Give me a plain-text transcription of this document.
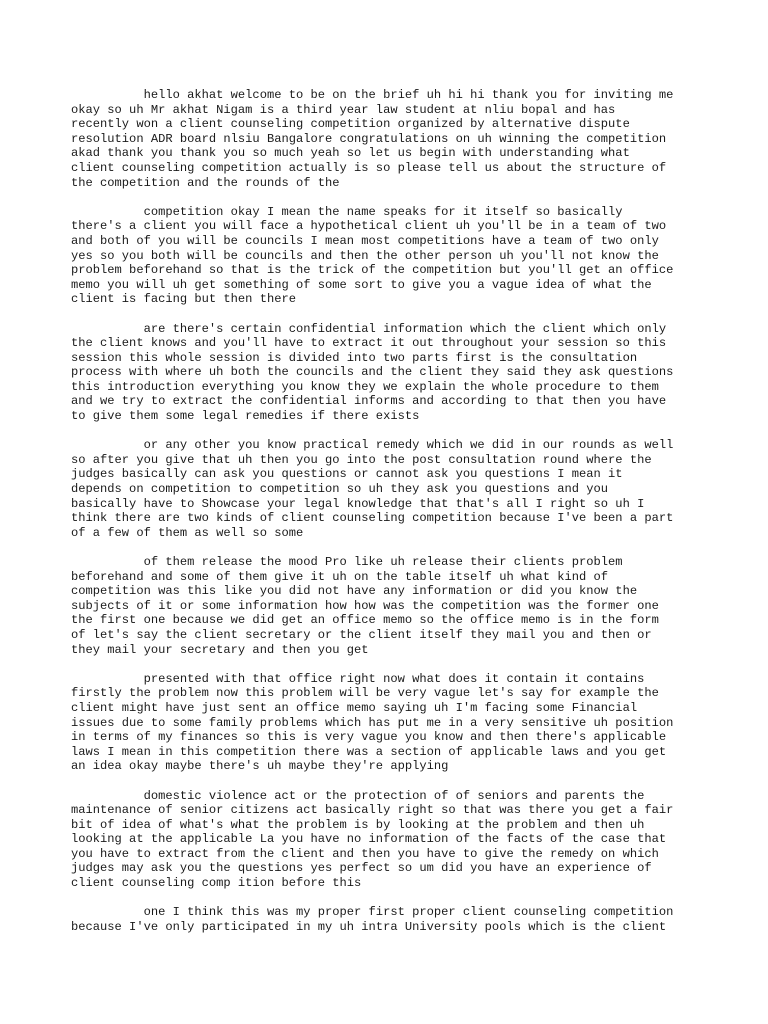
hello akhat welcome to be on the brief uh hi hi thank you for inviting me
okay so uh Mr akhat Nigam is a third year law student at nliu bopal and has
recently won a client counseling competition organized by alternative dispute
resolution ADR board nlsiu Bangalore congratulations on uh winning the competition
akad thank you thank you so much yeah so let us begin with understanding what
client counseling competition actually is so please tell us about the structure of
the competition and the rounds of the

competition okay I mean the name speaks for it itself so basically
there's a client you will face a hypothetical client uh you'll be in a team of two
and both of you will be councils I mean most competitions have a team of two only
yes so you both will be councils and then the other person uh you'll not know the
problem beforehand so that is the trick of the competition but you'll get an office
memo you will uh get something of some sort to give you a vague idea of what the
client is facing but then there

are there's certain confidential information which the client which only
the client knows and you'll have to extract it out throughout your session so this
session this whole session is divided into two parts first is the consultation
process with where uh both the councils and the client they said they ask questions
this introduction everything you know they we explain the whole procedure to them
and we try to extract the confidential informs and according to that then you have
to give them some legal remedies if there exists

or any other you know practical remedy which we did in our rounds as well
so after you give that uh then you go into the post consultation round where the
judges basically can ask you questions or cannot ask you questions I mean it
depends on competition to competition so uh they ask you questions and you
basically have to Showcase your legal knowledge that that's all I right so uh I
think there are two kinds of client counseling competition because I've been a part
of a few of them as well so some

of them release the mood Pro like uh release their clients problem
beforehand and some of them give it uh on the table itself uh what kind of
competition was this like you did not have any information or did you know the
subjects of it or some information how how was the competition was the former one
the first one because we did get an office memo so the office memo is in the form
of let's say the client secretary or the client itself they mail you and then or
they mail your secretary and then you get

presented with that office right now what does it contain it contains
firstly the problem now this problem will be very vague let's say for example the
client might have just sent an office memo saying uh I'm facing some Financial
issues due to some family problems which has put me in a very sensitive uh position
in terms of my finances so this is very vague you know and then there's applicable
laws I mean in this competition there was a section of applicable laws and you get
an idea okay maybe there's uh maybe they're applying

domestic violence act or the protection of of seniors and parents the
maintenance of senior citizens act basically right so that was there you get a fair
bit of idea of what's what the problem is by looking at the problem and then uh
looking at the applicable La you have no information of the facts of the case that
you have to extract from the client and then you have to give the remedy on which
judges may ask you the questions yes perfect so um did you have an experience of
client counseling comp ition before this

one I think this was my proper first proper client counseling competition
because I've only participated in my uh intra University pools which is the client
